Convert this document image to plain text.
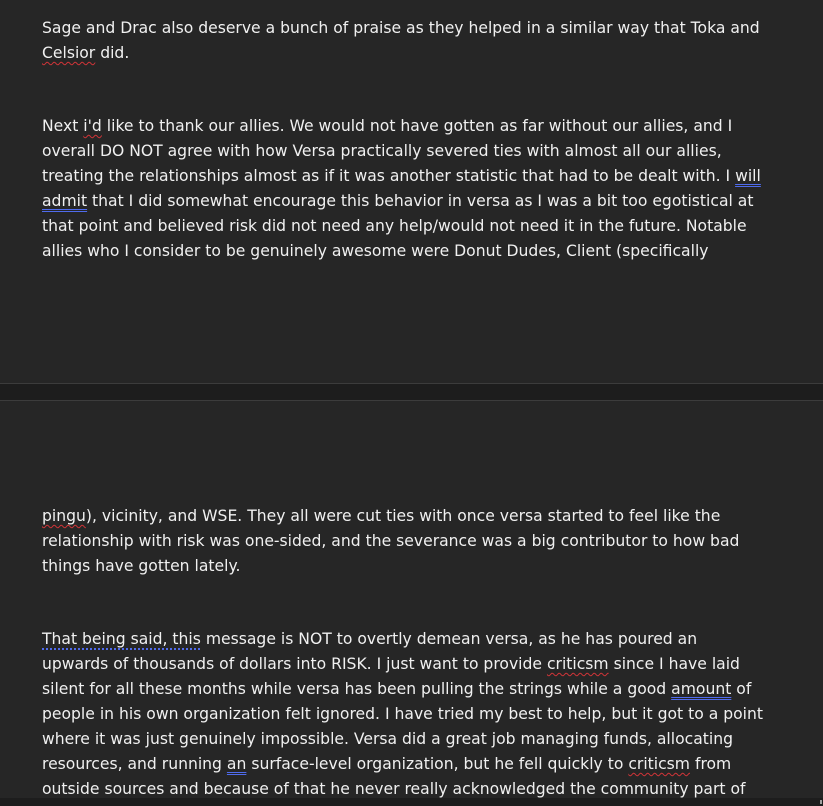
Sage and Drac also deserve a bunch of praise as they helped in a similar way that Toka and
Celsior did.
Next i'd like to thank our allies. We would not have gotten as far without our allies, and I
overall DO NOT agree with how Versa practically severed ties with almost all our allies,
treating the relationships almost as if it was another statistic that had to be dealt with. I will
admit that I did somewhat encourage this behavior in versa as I was a bit too egotistical at
that point and believed risk did not need any help/would not need it in the future. Notable
allies who I consider to be genuinely awesome were Donut Dudes, Client (specifically
pingu), vicinity, and WSE. They all were cut ties with once versa started to feel like the
relationship with risk was one-sided, and the severance was a big contributor to how bad
things have gotten lately.
That being said, this message is NOT to overtly demean versa, as he has poured an
upwards of thousands of dollars into RISK. I just want to provide criticsm since I have laid
silent for all these months while versa has been pulling the strings while a good amount of
people in his own organization felt ignored. I have tried my best to help, but it got to a point
where it was just genuinely impossible. Versa did a great job managing funds, allocating
resources, and running an surface-level organization, but he fell quickly to criticsm from
outside sources and because of that he never really acknowledged the community part of
